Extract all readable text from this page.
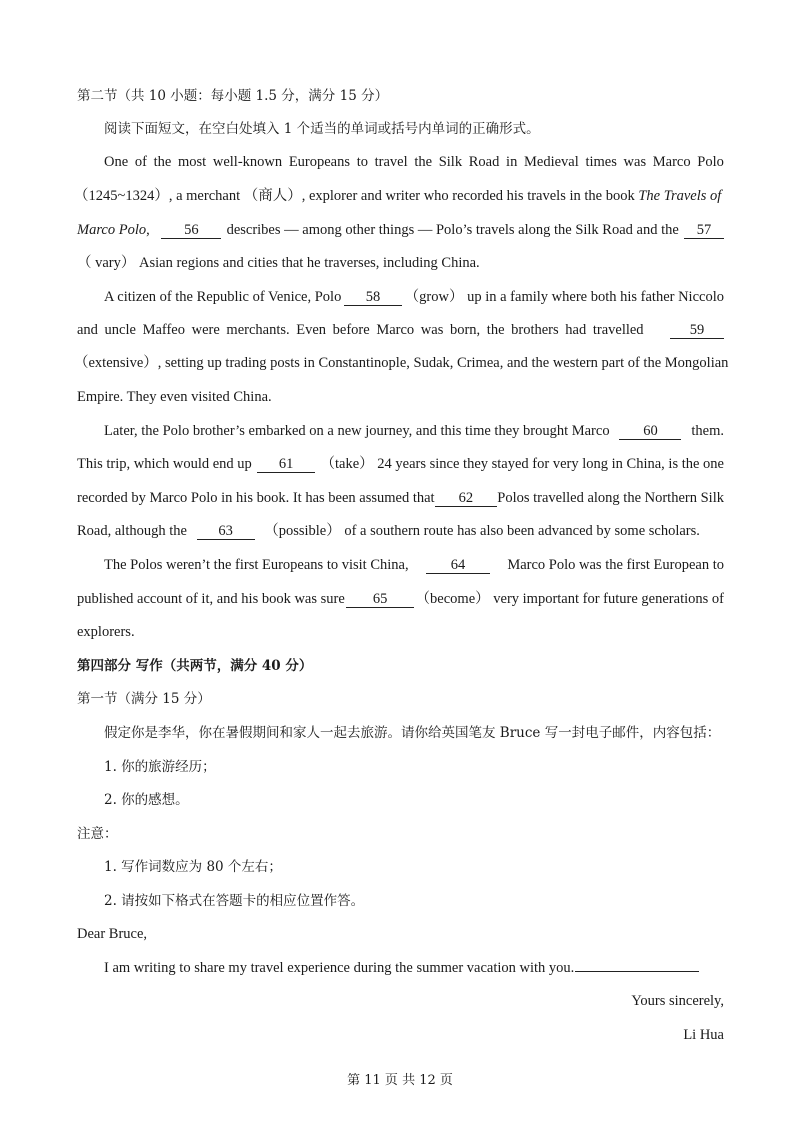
第二节（共 10 小题：每小题 1.5 分，满分 15 分）
阅读下面短文，在空白处填入 1 个适当的单词或括号内单词的正确形式。
One of the most well-known Europeans to travel the Silk Road in Medieval times was Marco Polo
（1245~1324）, a merchant （商人）, explorer and writer who recorded his travels in the book The Travels of
Marco Polo, 56	describes — among other things — Polo’s travels along the Silk Road and the	57
（ vary） Asian regions and cities that he traverses, including China.
A citizen of the Republic of Venice, Polo	58	（grow） up in a family where both his father Niccolo
and uncle Maffeo were merchants. Even before Marco was born, the brothers had travelled	59
（extensive）, setting up trading posts in Constantinople, Sudak, Crimea, and the western part of the Mongolian
Empire. They even visited China.
Later, the Polo brother’s embarked on a new journey, and this time they brought Marco	60	them.
This trip, which would end up	61	（take） 24 years since they stayed for very long in China, is the one
recorded by Marco Polo in his book. It has been assumed that	62	Polos travelled along the Northern Silk
Road, although the 63 （possible） of a southern route has also been advanced by some scholars.
The Polos weren’t the first Europeans to visit China,	64	Marco Polo was the first European to
published account of it, and his book was sure	65	（become） very important for future generations of
explorers.
第四部分 写作（共两节，满分 40 分）
第一节（满分 15 分）
假定你是李华，你在暑假期间和家人一起去旅游。请你给英国笔友 Bruce 写一封电子邮件，内容包括：
1. 你的旅游经历；
2. 你的感想。
注意：
1. 写作词数应为 80 个左右；
2. 请按如下格式在答题卡的相应位置作答。
Dear Bruce,
I am writing to share my travel experience during the summer vacation with you.
Yours sincerely,
Li Hua
第 11 页 共 12 页
